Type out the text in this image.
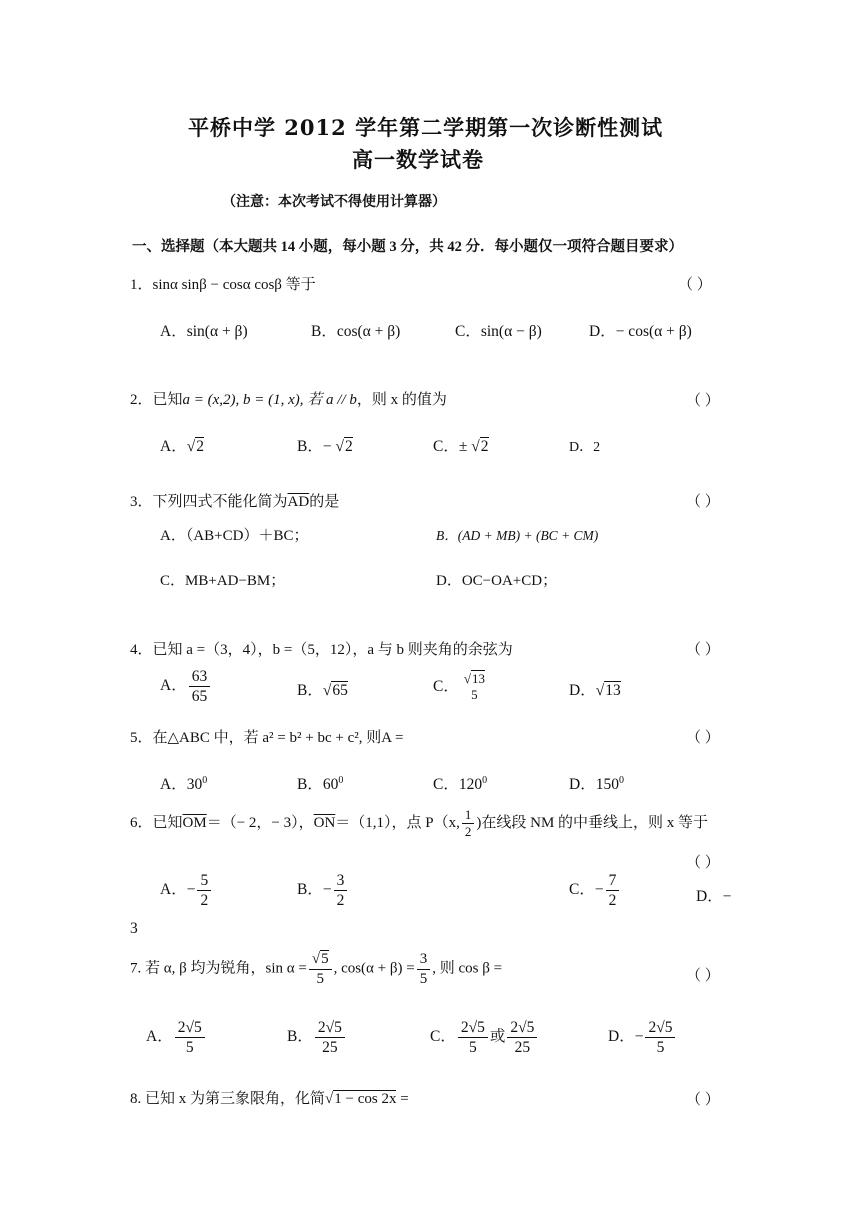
平桥中学 2012 学年第二学期第一次诊断性测试
高一数学试卷
（注意：本次考试不得使用计算器）
一、选择题（本大题共 14 小题，每小题 3 分，共 42 分．每小题仅一项符合题目要求）
1．sinα sinβ − cosα cosβ 等于	（ ）
A．sin(α + β)	B．cos(α + β)	C．sin(α − β)	D．− cos(α + β)
2．已知a = (x,2), b = (1, x), 若 a // b，则 x 的值为	（ ）
A．√2	B．− √2	C．± √2	D．2
3．下列四式不能化简为$\overline{AD}$的是	（ ）
A．（AB+CD）＋BC；	B．(AD + MB) + (BC + CM)
C．MB+AD−BM；	D．OC−OA+CD；
4．已知 a =（3，4），b =（5，12），a 与 b 则夹角的余弦为	（ ）
A． $\frac{63}{65}$	B．√65	C． √13
5	D．√13
5．在△ABC 中，若 a² = b² + bc + c², 则A =	（ ）
A．$30^0$	B．$60^0$	C．$120^0$	D．$150^0$
6．已知$\overline{OM}=(- 2$，− 3），$\overline{ON}=(1,1)$，点 P（x, $\frac{1}{2}$ )在线段 NM 的中垂线上，则 x 等于
（ ）
A．− $\frac{5}{2}$	B．− $\frac{3}{2}$	C．− $\frac{7}{2}$	D．−
3
7. 若 α, β 均为锐角，$\sin \alpha = \frac{√5}{5}$ , $\cos(\alpha + \beta) = \frac{3}{5}$ , 则 cos β =	（ ）
A． $\frac{2√5}{5}$	B． $\frac{2√5}{25}$	C． $\frac{2√5}{5}$ 或 $\frac{2√5}{25}$	D．− $\frac{2√5}{5}$
8. 已知 x 为第三象限角，化简√1 − cos 2x =	（ ）
